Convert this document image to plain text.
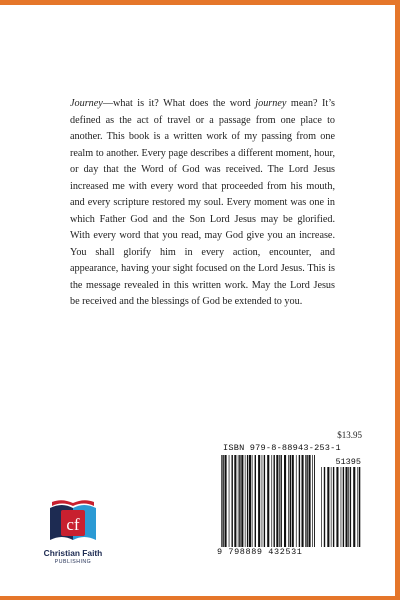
Journey—what is it? What does the word journey mean? It’s defined as the act of travel or a passage from one place to another. This book is a written work of my passing from one realm to another. Every page describes a different moment, hour, or day that the Word of God was received. The Lord Jesus increased me with every word that proceeded from his mouth, and every scripture restored my soul. Every moment was one in which Father God and the Son Lord Jesus may be glorified. With every word that you read, may God give you an increase. You shall glorify him in every action, encounter, and appearance, having your sight focused on the Lord Jesus. This is the message revealed in this written work. May the Lord Jesus be received and the blessings of God be extended to you.

$13.95
ISBN 979-8-88943-253-1
51395
9 798889 432531
cf
Christian Faith
PUBLISHING
